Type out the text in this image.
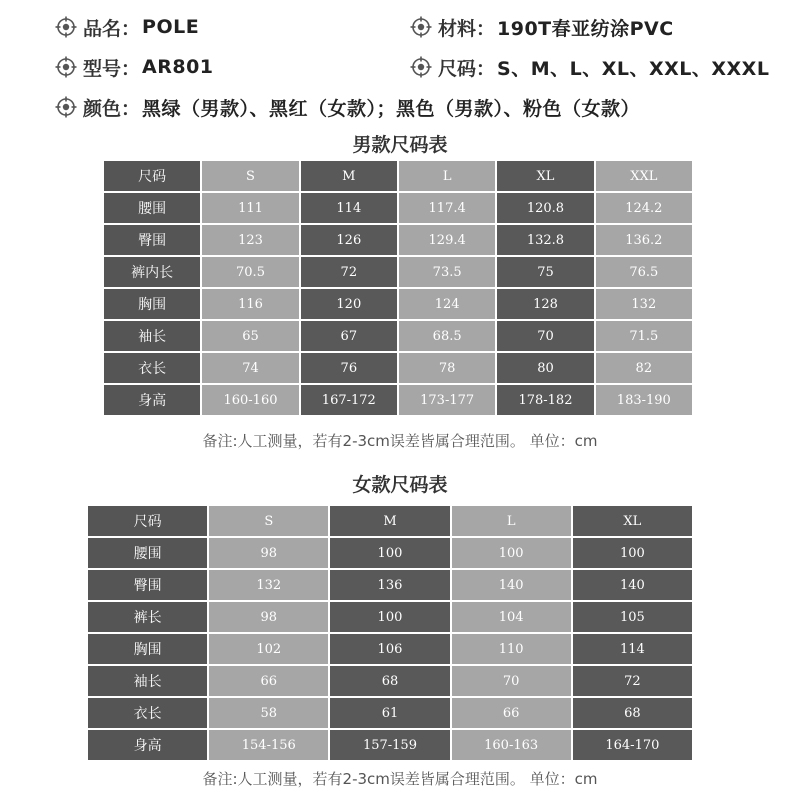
品名： POLE	材料： 190T春亚纺涂PVC
型号： AR801	尺码： S、M、L、XL、XXL、XXXL
颜色： 黑绿（男款）、黑红（女款）；黑色（男款）、粉色（女款）
男款尺码表
尺码	S	M	L	XL	XXL
腰围	111	114	117.4	120.8	124.2
臀围	123	126	129.4	132.8	136.2
裤内长	70.5	72	73.5	75	76.5
胸围	116	120	124	128	132
袖长	65	67	68.5	70	71.5
衣长	74	76	78	80	82
身高	160-160	167-172	173-177	178-182	183-190
备注:人工测量，若有2-3cm误差皆属合理范围。 单位：cm
女款尺码表
尺码	S	M	L	XL
腰围	98	100	100	100
臀围	132	136	140	140
裤长	98	100	104	105
胸围	102	106	110	114
袖长	66	68	70	72
衣长	58	61	66	68
身高	154-156	157-159	160-163	164-170
备注:人工测量，若有2-3cm误差皆属合理范围。 单位：cm
